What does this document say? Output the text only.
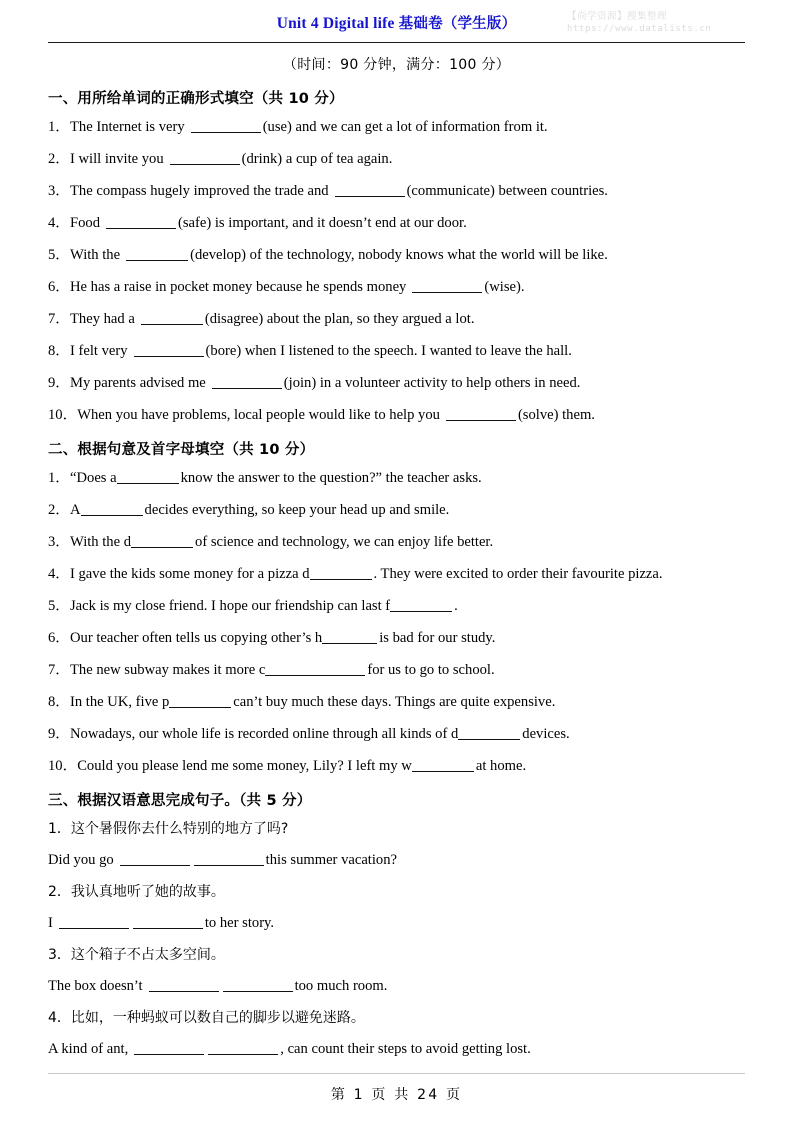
【尚学资源】搜集整理
https://www.datalists.cn
Unit 4 Digital life 基础卷（学生版）
（时间：90 分钟，满分：100 分）
一、用所给单词的正确形式填空（共 10 分）
1．The Internet is very	(use) and we can get a lot of information from it.
2．I will invite you	(drink) a cup of tea again.
3．The compass hugely improved the trade and	(communicate) between countries.
4．Food	(safe) is important, and it doesn’t end at our door.
5．With the	(develop) of the technology, nobody knows what the world will be like.
6．He has a raise in pocket money because he spends money	(wise).
7．They had a	(disagree) about the plan, so they argued a lot.
8．I felt very	(bore) when I listened to the speech. I wanted to leave the hall.
9．My parents advised me	(join) in a volunteer activity to help others in need.
10．When you have problems, local people would like to help you	(solve) them.
二、根据句意及首字母填空（共 10 分）
1．“Does a	know the answer to the question?” the teacher asks.
2．A	decides everything, so keep your head up and smile.
3．With the d	of science and technology, we can enjoy life better.
4．I gave the kids some money for a pizza d	. They were excited to order their favourite pizza.
5．Jack is my close friend. I hope our friendship can last f	.
6．Our teacher often tells us copying other’s h	is bad for our study.
7．The new subway makes it more c	for us to go to school.
8．In the UK, five p	can’t buy much these days. Things are quite expensive.
9．Nowadays, our whole life is recorded online through all kinds of d	devices.
10．Could you please lend me some money, Lily? I left my w	at home.
三、根据汉语意思完成句子。（共 5 分）
1．这个暑假你去什么特别的地方了吗?
Did you go	this summer vacation?
2．我认真地听了她的故事。
I	to her story.
3．这个箱子不占太多空间。
The box doesn’t	too much room.
4．比如，一种蚂蚁可以数自己的脚步以避免迷路。
A kind of ant,	, can count their steps to avoid getting lost.
第 1 页 共 24 页
